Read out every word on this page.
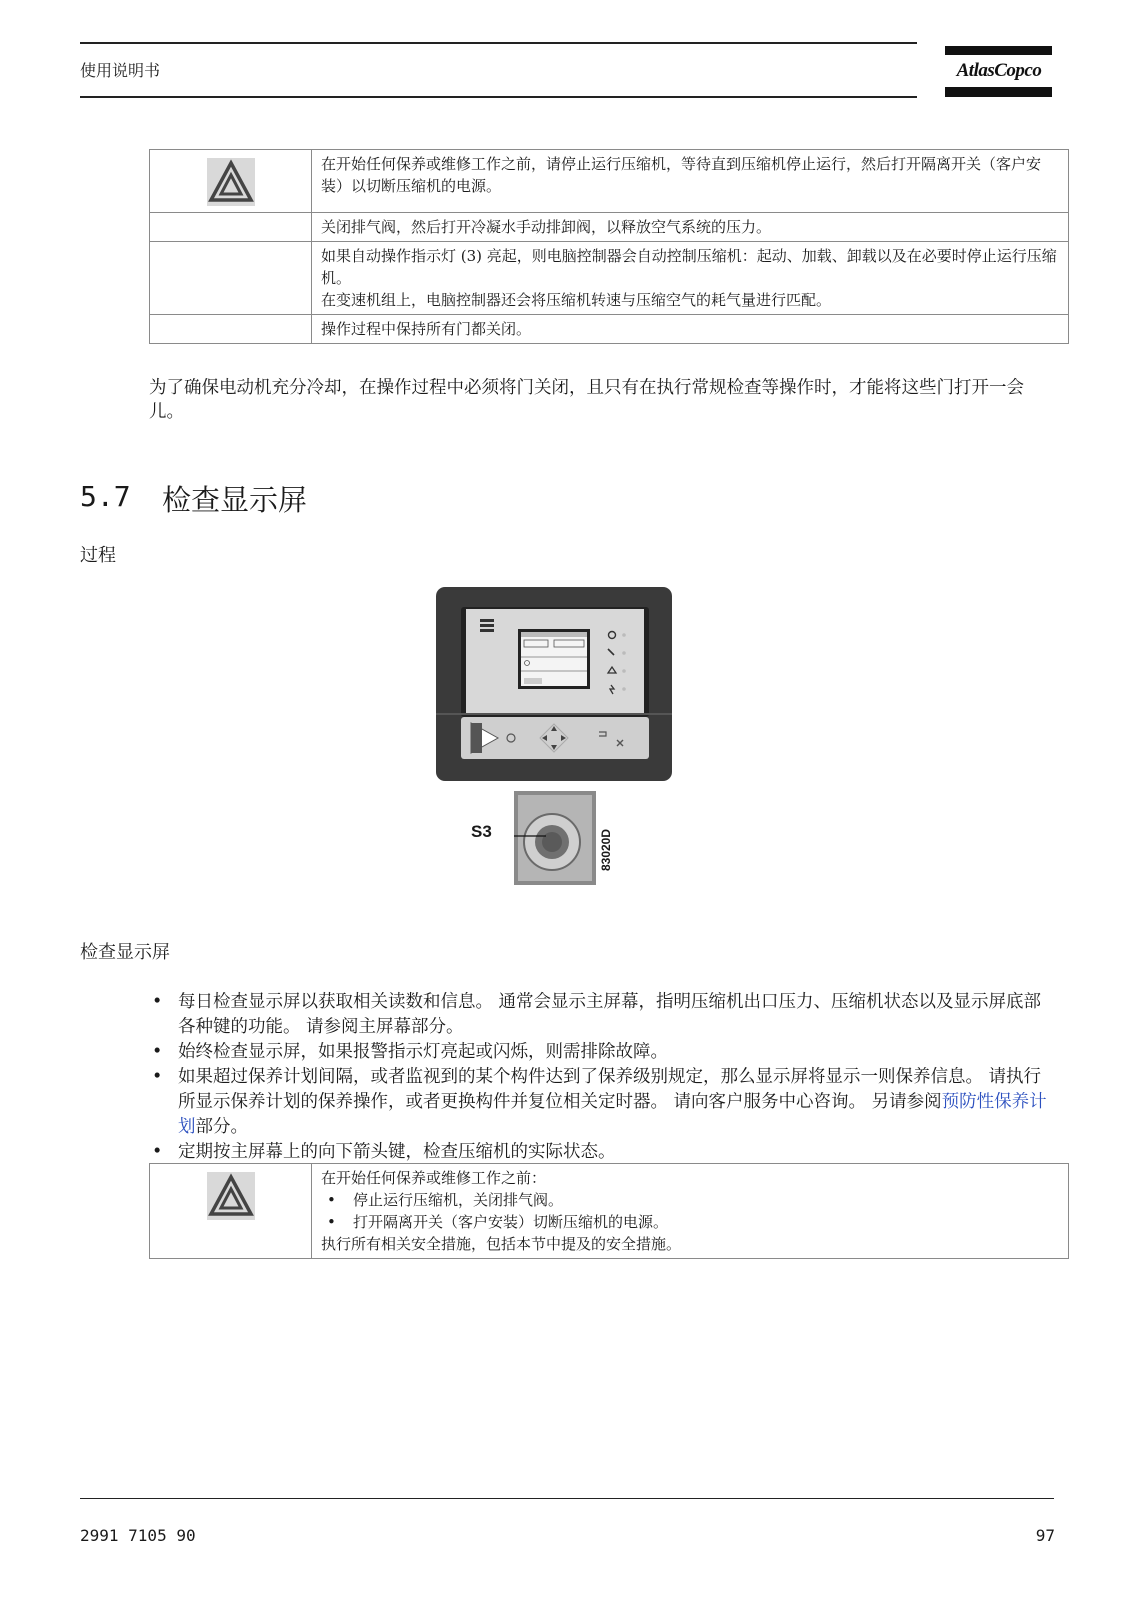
使用说明书	AtlasCopco
	在开始任何保养或维修工作之前，请停止运行压缩机，等待直到压缩机停止运行，然后打开隔离开关（客户安装）以切断压缩机的电源。
	关闭排气阀，然后打开冷凝水手动排卸阀，以释放空气系统的压力。

	如果自动操作指示灯 (3) 亮起，则电脑控制器会自动控制压缩机：起动、加载、卸载以及在必要时停止运行压缩机。
在变速机组上，电脑控制器还会将压缩机转速与压缩空气的耗气量进行匹配。

	操作过程中保持所有门都关闭。
为了确保电动机充分冷却，在操作过程中必须将门关闭，且只有在执行常规检查等操作时，才能将这些门打开一会儿。
5.7 检查显示屏
过程
S3	83020D
检查显示屏
• 每日检查显示屏以获取相关读数和信息。 通常会显示主屏幕，指明压缩机出口压力、压缩机状态以及显示屏底部各种键的功能。 请参阅主屏幕部分。
• 始终检查显示屏，如果报警指示灯亮起或闪烁，则需排除故障。
• 如果超过保养计划间隔，或者监视到的某个构件达到了保养级别规定，那么显示屏将显示一则保养信息。 请执行所显示保养计划的保养操作，或者更换构件并复位相关定时器。 请向客户服务中心咨询。 另请参阅预防性保养计划部分。
• 定期按主屏幕上的向下箭头键，检查压缩机的实际状态。

在开始任何保养或维修工作之前：
• 停止运行压缩机，关闭排气阀。
• 打开隔离开关（客户安装）切断压缩机的电源。
执行所有相关安全措施，包括本节中提及的安全措施。
2991 7105 90	97
